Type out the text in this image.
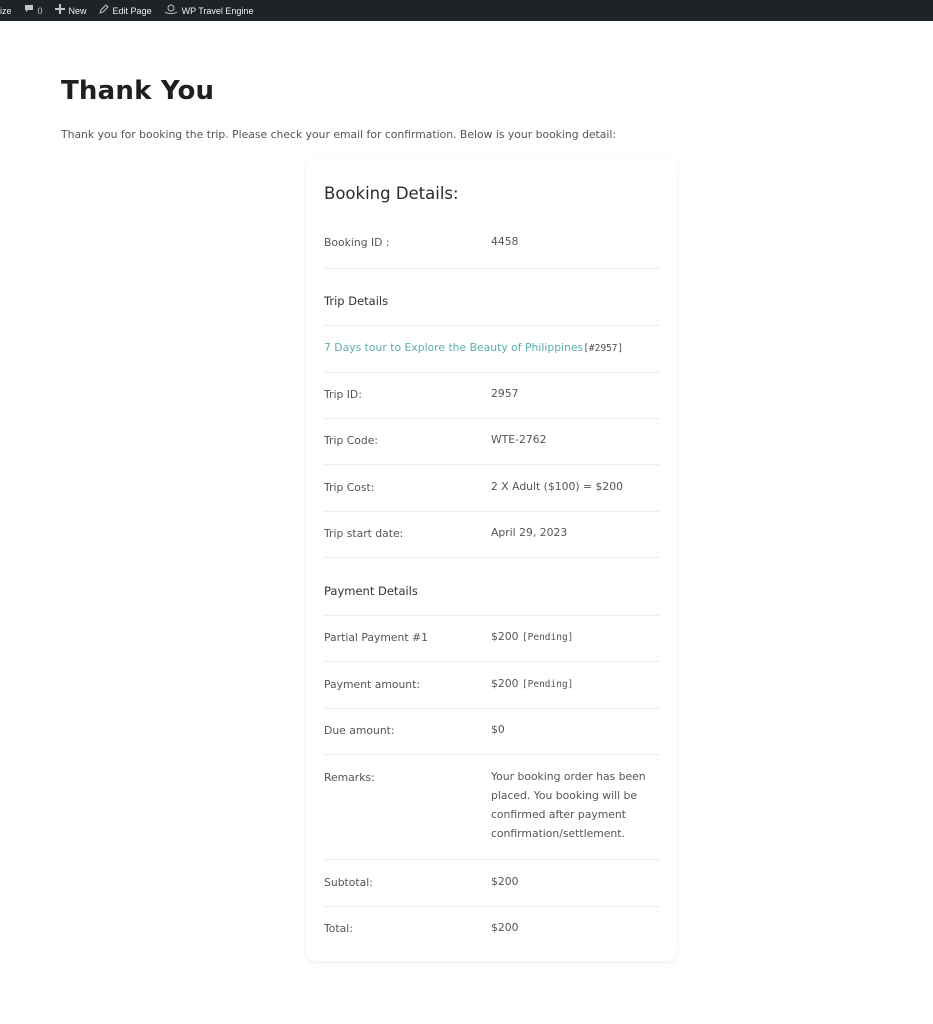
ize	0	New	Edit Page	WP Travel Engine
Thank You
Thank you for booking the trip. Please check your email for confirmation. Below is your booking detail:
Booking Details:
Booking ID :	4458
Trip Details
7 Days tour to Explore the Beauty of Philippines[#2957]
Trip ID:	2957
Trip Code:	WTE-2762
Trip Cost:	2 X Adult ($100) = $200
Trip start date:	April 29, 2023
Payment Details
Partial Payment #1	$200 [Pending]
Payment amount:	$200 [Pending]
Due amount:	$0
Remarks:	Your booking order has been placed. You booking will be confirmed after payment confirmation/settlement.
Subtotal:	$200
Total:	$200
